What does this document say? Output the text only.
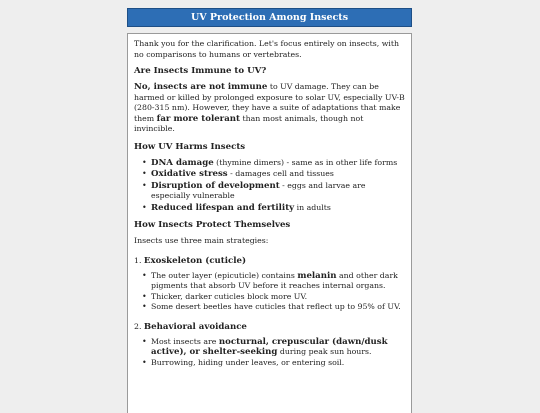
UV Protection Among Insects

Thank you for the clarification. Let's focus entirely on insects, with no comparisons to humans or vertebrates.

Are Insects Immune to UV?

No, insects are not immune to UV damage. They can be harmed or killed by prolonged exposure to solar UV, especially UV-B (280-315 nm). However, they have a suite of adaptations that make them far more tolerant than most animals, though not invincible.

How UV Harms Insects
• DNA damage (thymine dimers) - same as in other life forms
• Oxidative stress - damages cell and tissues
• Disruption of development - eggs and larvae are especially vulnerable
• Reduced lifespan and fertility in adults
How Insects Protect Themselves

Insects use three main strategies:

1. Exoskeleton (cuticle)
• The outer layer (epicuticle) contains melanin and other dark pigments that absorb UV before it reaches internal organs.
• Thicker, darker cuticles block more UV.
• Some desert beetles have cuticles that reflect up to 95% of UV.
2. Behavioral avoidance
• Most insects are nocturnal, crepuscular (dawn/dusk active), or shelter-seeking during peak sun hours.
• Burrowing, hiding under leaves, or entering soil.
